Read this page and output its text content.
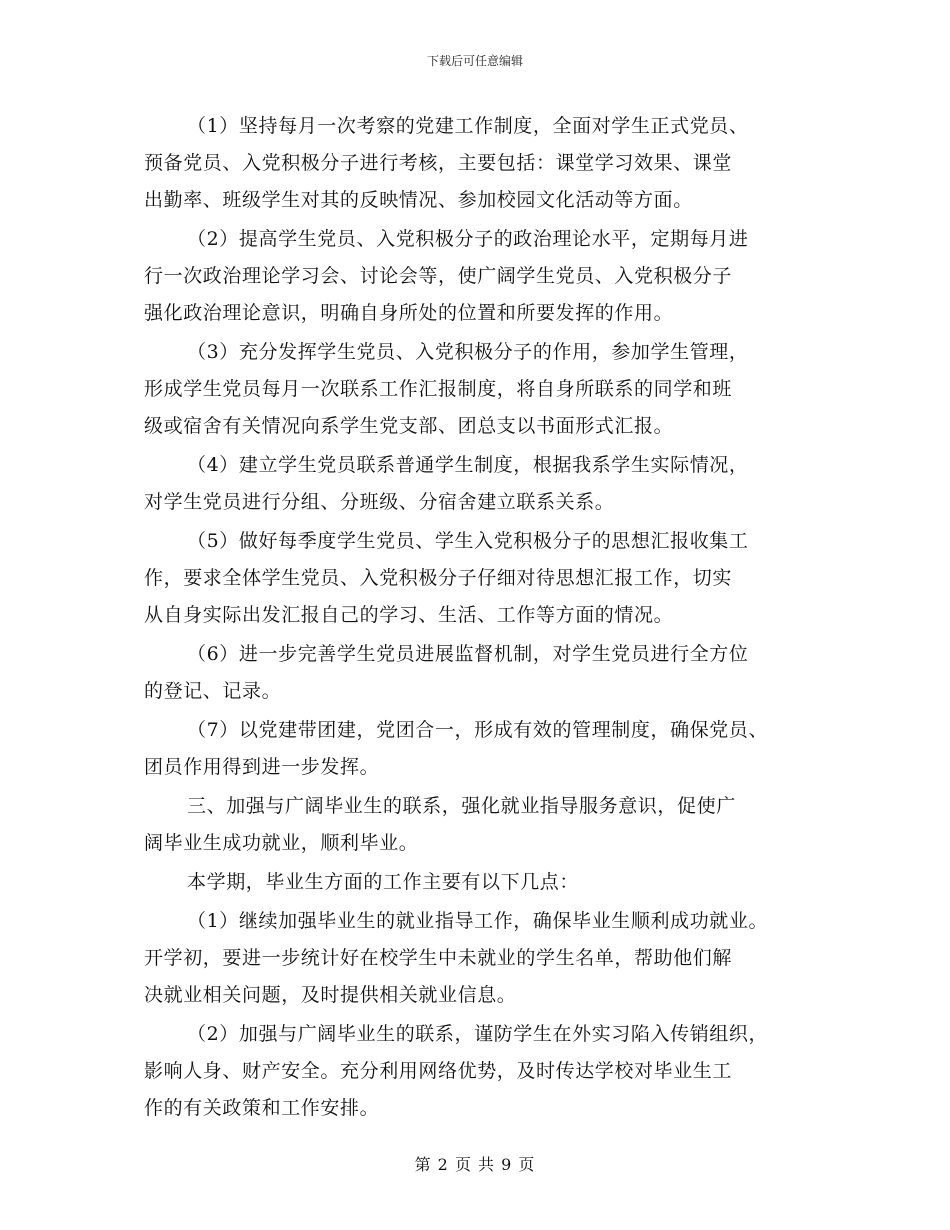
下载后可任意编辑
（1）坚持每月一次考察的党建工作制度，全面对学生正式党员、
预备党员、入党积极分子进行考核，主要包括：课堂学习效果、课堂
出勤率、班级学生对其的反映情况、参加校园文化活动等方面。
（2）提高学生党员、入党积极分子的政治理论水平，定期每月进
行一次政治理论学习会、讨论会等，使广阔学生党员、入党积极分子
强化政治理论意识，明确自身所处的位置和所要发挥的作用。
（3）充分发挥学生党员、入党积极分子的作用，参加学生管理，
形成学生党员每月一次联系工作汇报制度，将自身所联系的同学和班
级或宿舍有关情况向系学生党支部、团总支以书面形式汇报。
（4）建立学生党员联系普通学生制度，根据我系学生实际情况，
对学生党员进行分组、分班级、分宿舍建立联系关系。
（5）做好每季度学生党员、学生入党积极分子的思想汇报收集工
作，要求全体学生党员、入党积极分子仔细对待思想汇报工作，切实
从自身实际出发汇报自己的学习、生活、工作等方面的情况。
（6）进一步完善学生党员进展监督机制，对学生党员进行全方位
的登记、记录。
（7）以党建带团建，党团合一，形成有效的管理制度，确保党员、
团员作用得到进一步发挥。
三、加强与广阔毕业生的联系，强化就业指导服务意识，促使广
阔毕业生成功就业，顺利毕业。
本学期，毕业生方面的工作主要有以下几点：
（1）继续加强毕业生的就业指导工作，确保毕业生顺利成功就业。
开学初，要进一步统计好在校学生中未就业的学生名单，帮助他们解
决就业相关问题，及时提供相关就业信息。
（2）加强与广阔毕业生的联系，谨防学生在外实习陷入传销组织，
影响人身、财产安全。充分利用网络优势，及时传达学校对毕业生工
作的有关政策和工作安排。
第 2 页 共 9 页
